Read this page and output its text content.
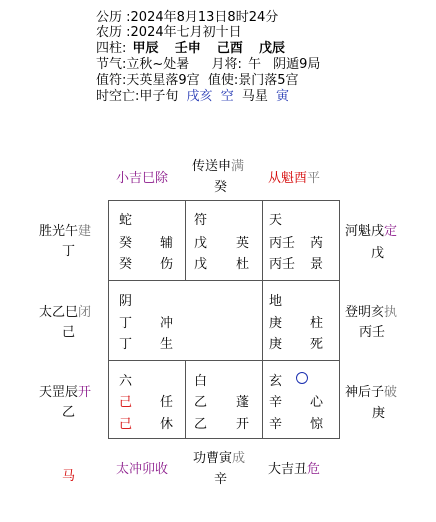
公历 :2024年8月13日8时24分
农历 :2024年七月初十日
四柱: 甲辰 壬申 己酉 戊辰
节气:立秋~处暑 月将: 午 阴遁9局
值符:天英星落9宫 值使:景门落5宫
时空亡:甲子旬 戌亥 空 马星 寅
小吉巳除
传送申满
癸
从魁酉平
胜光午建
丁
太乙巳闭
己
天罡辰开
乙
河魁戌定
戊
登明亥执
丙壬
神后子破
庚
马	太冲卯收
功曹寅成
辛
大吉丑危
蛇
癸 辅
癸 伤
符
戊 英
戊 杜
天
丙壬 芮
丙壬 景
阴
丁 冲
丁 生
地
庚 柱
庚 死
六
己 任
己 休
白
乙 蓬
乙 开
玄
辛 心
辛 惊
